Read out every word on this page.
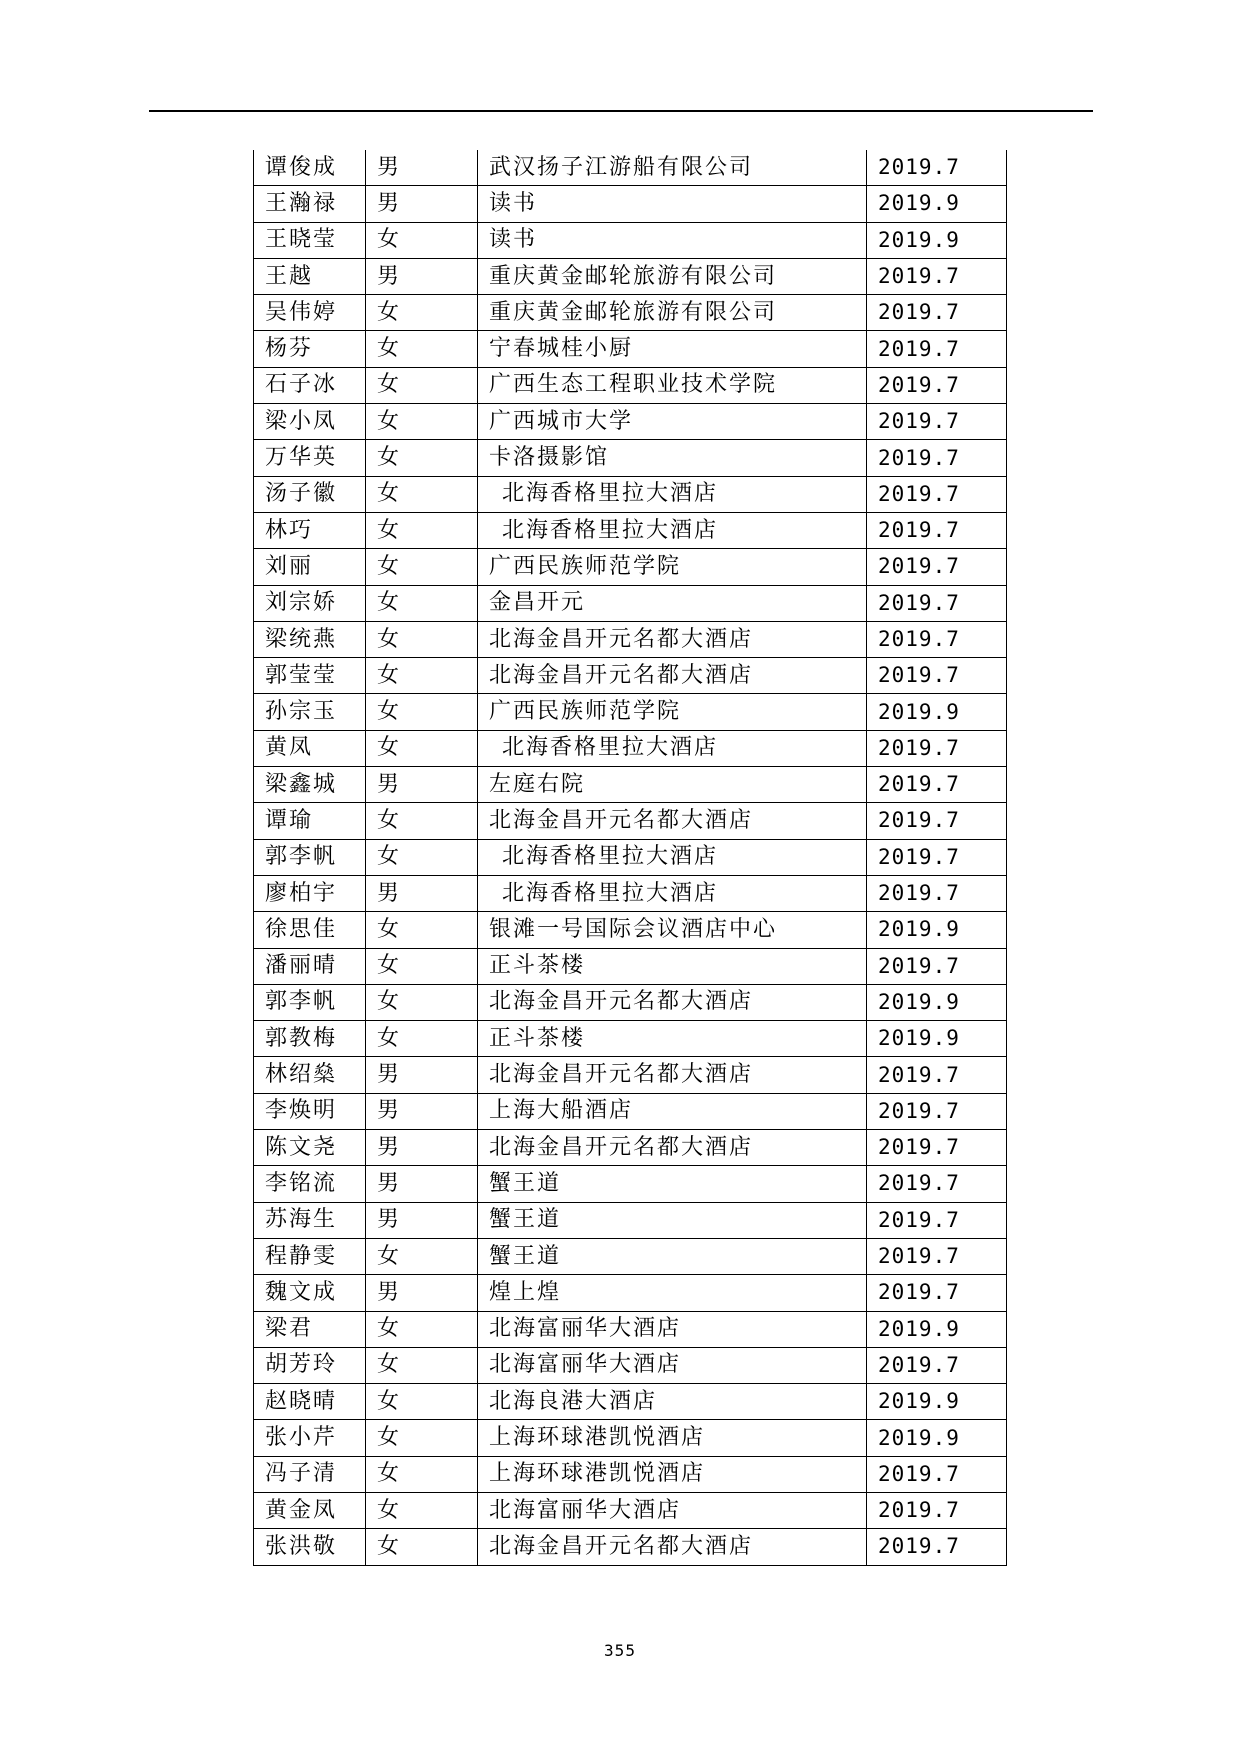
谭俊成	男	武汉扬子江游船有限公司	2019.7
王瀚禄	男	读书	2019.9
王晓莹	女	读书	2019.9
王越	男	重庆黄金邮轮旅游有限公司	2019.7
吴伟婷	女	重庆黄金邮轮旅游有限公司	2019.7
杨芬	女	宁春城桂小厨	2019.7
石子冰	女	广西生态工程职业技术学院	2019.7
梁小凤	女	广西城市大学	2019.7
万华英	女	卡洛摄影馆	2019.7
汤子徽	女	北海香格里拉大酒店	2019.7
林巧	女	北海香格里拉大酒店	2019.7
刘丽	女	广西民族师范学院	2019.7
刘宗娇	女	金昌开元	2019.7
梁统燕	女	北海金昌开元名都大酒店	2019.7
郭莹莹	女	北海金昌开元名都大酒店	2019.7
孙宗玉	女	广西民族师范学院	2019.9
黄凤	女	北海香格里拉大酒店	2019.7
梁鑫城	男	左庭右院	2019.7
谭瑜	女	北海金昌开元名都大酒店	2019.7
郭李帆	女	北海香格里拉大酒店	2019.7
廖柏宇	男	北海香格里拉大酒店	2019.7
徐思佳	女	银滩一号国际会议酒店中心	2019.9
潘丽晴	女	正斗茶楼	2019.7
郭李帆	女	北海金昌开元名都大酒店	2019.9
郭教梅	女	正斗茶楼	2019.9
林绍燊	男	北海金昌开元名都大酒店	2019.7
李焕明	男	上海大船酒店	2019.7
陈文尧	男	北海金昌开元名都大酒店	2019.7
李铭流	男	蟹王道	2019.7
苏海生	男	蟹王道	2019.7
程静雯	女	蟹王道	2019.7
魏文成	男	煌上煌	2019.7
梁君	女	北海富丽华大酒店	2019.9
胡芳玲	女	北海富丽华大酒店	2019.7
赵晓晴	女	北海良港大酒店	2019.9
张小芹	女	上海环球港凯悦酒店	2019.9
冯子清	女	上海环球港凯悦酒店	2019.7
黄金凤	女	北海富丽华大酒店	2019.7
张洪敬	女	北海金昌开元名都大酒店	2019.7
355
